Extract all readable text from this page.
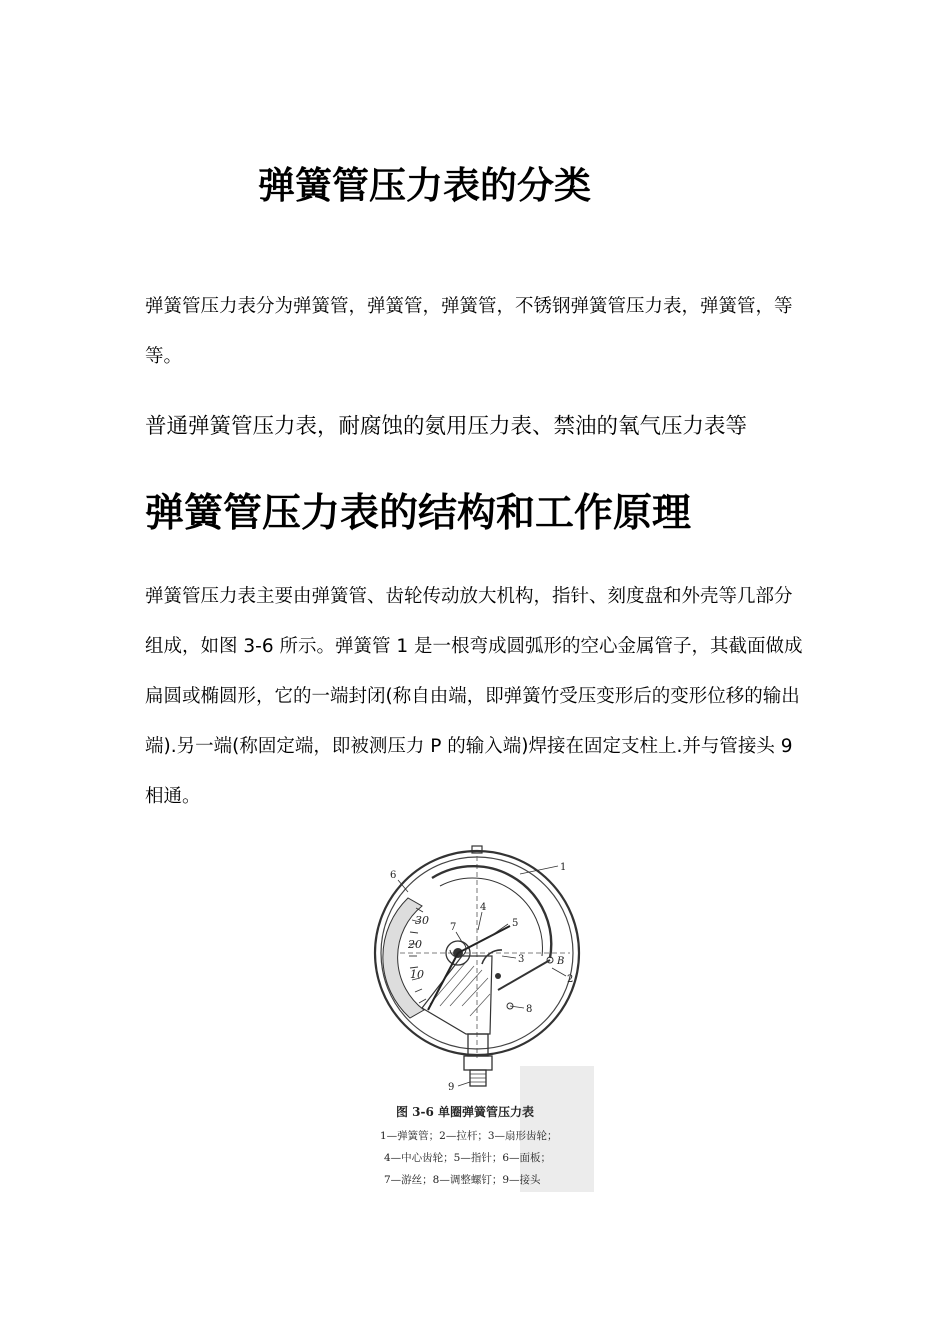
弹簧管压力表的分类

弹簧管压力表分为弹簧管，弹簧管，弹簧管，不锈钢弹簧管压力表，弹簧管，等等。

普通弹簧管压力表，耐腐蚀的氨用压力表、禁油的氧气压力表等

弹簧管压力表的结构和工作原理

弹簧管压力表主要由弹簧管、齿轮传动放大机构，指针、刻度盘和外壳等几部分组成，如图 3-6 所示。弹簧管 1 是一根弯成圆弧形的空心金属管子，其截面做成扁圆或椭圆形，它的一端封闭(称自由端，即弹簧竹受压变形后的变形位移的输出端).另一端(称固定端，即被测压力 P 的输入端)焊接在固定支柱上.并与管接头 9 相通。

30
20
10
1
2
3
4
5
6
7
8
9
B
图 3-6 单圈弹簧管压力表
1—弹簧管；2—拉杆；3—扇形齿轮；
4—中心齿轮；5—指针；6—面板；
7—游丝；8—调整螺钉；9—接头
